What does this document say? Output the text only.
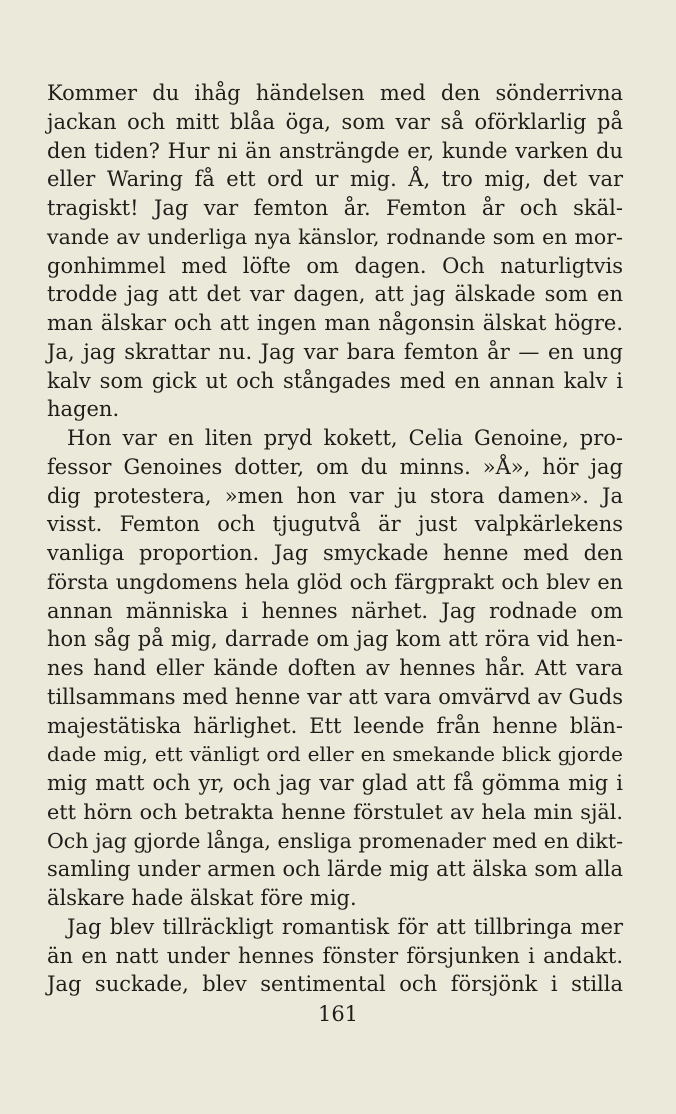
Kommer du ihåg händelsen med den sönderrivna
jackan och mitt blåa öga, som var så oförklarlig på
den tiden? Hur ni än ansträngde er, kunde varken du
eller Waring få ett ord ur mig. Å, tro mig, det var
tragiskt! Jag var femton år. Femton år och skäl-
vande av underliga nya känslor, rodnande som en mor-
gonhimmel med löfte om dagen. Och naturligtvis
trodde jag att det var dagen, att jag älskade som en
man älskar och att ingen man någonsin älskat högre.
Ja, jag skrattar nu. Jag var bara femton år — en ung
kalv som gick ut och stångades med en annan kalv i
hagen.
Hon var en liten pryd kokett, Celia Genoine, pro-
fessor Genoines dotter, om du minns. »Å», hör jag
dig protestera, »men hon var ju stora damen». Ja
visst. Femton och tjugutvå är just valpkärlekens
vanliga proportion. Jag smyckade henne med den
första ungdomens hela glöd och färgprakt och blev en
annan människa i hennes närhet. Jag rodnade om
hon såg på mig, darrade om jag kom att röra vid hen-
nes hand eller kände doften av hennes hår. Att vara
tillsammans med henne var att vara omvärvd av Guds
majestätiska härlighet. Ett leende från henne blän-
dade mig, ett vänligt ord eller en smekande blick gjorde
mig matt och yr, och jag var glad att få gömma mig i
ett hörn och betrakta henne förstulet av hela min själ.
Och jag gjorde långa, ensliga promenader med en dikt-
samling under armen och lärde mig att älska som alla
älskare hade älskat före mig.
Jag blev tillräckligt romantisk för att tillbringa mer
än en natt under hennes fönster försjunken i andakt.
Jag suckade, blev sentimental och försjönk i stilla
161
